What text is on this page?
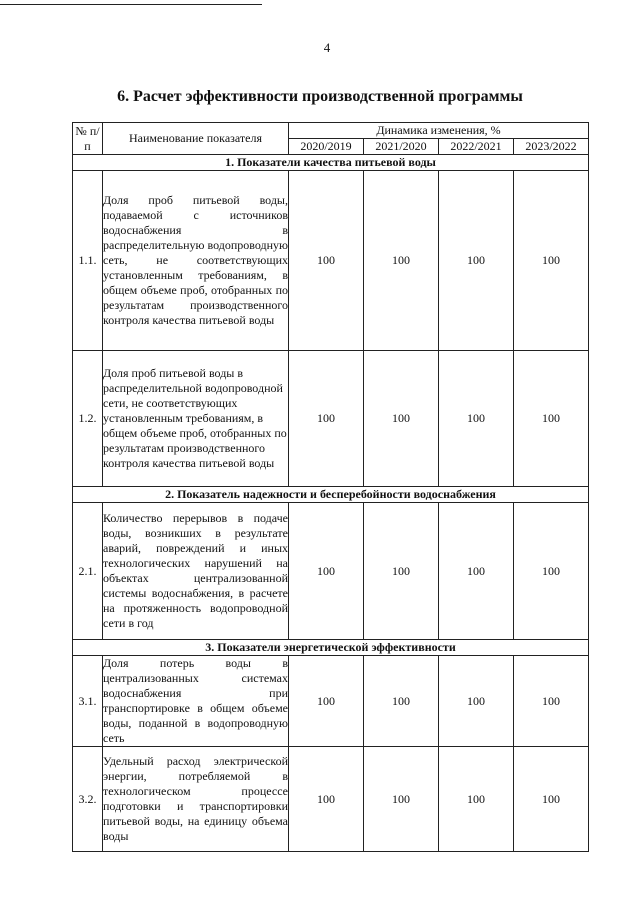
4
6. Расчет эффективности производственной программы
№ п/п	Наименование показателя	Динамика изменения, %			
		2020/2019	2021/2020	2022/2021	2023/2022
1. Показатели качества питьевой воды					
1.1.	Доля проб питьевой воды, подаваемой с источников водоснабжения в распределительную водопроводную сеть, не соответствующих установленным требованиям, в общем объеме проб, отобранных по результатам производственного контроля качества питьевой воды	100	100	100	100
1.2.	Доля проб питьевой воды в распределительной водопроводной сети, не соответствующих установленным требованиям, в общем объеме проб, отобранных по результатам производственного контроля качества питьевой воды	100	100	100	100
2. Показатель надежности и бесперебойности водоснабжения					
2.1.	Количество перерывов в подаче воды, возникших в результате аварий, повреждений и иных технологических нарушений на объектах централизованной системы водоснабжения, в расчете на протяженность водопроводной сети в год	100	100	100	100
3. Показатели энергетической эффективности					
3.1.	Доля потерь воды в централизованных системах водоснабжения при транспортировке в общем объеме воды, поданной в водопроводную сеть	100	100	100	100
3.2.	Удельный расход электрической энергии, потребляемой в технологическом процессе подготовки и транспортировки питьевой воды, на единицу объема воды	100	100	100	100
